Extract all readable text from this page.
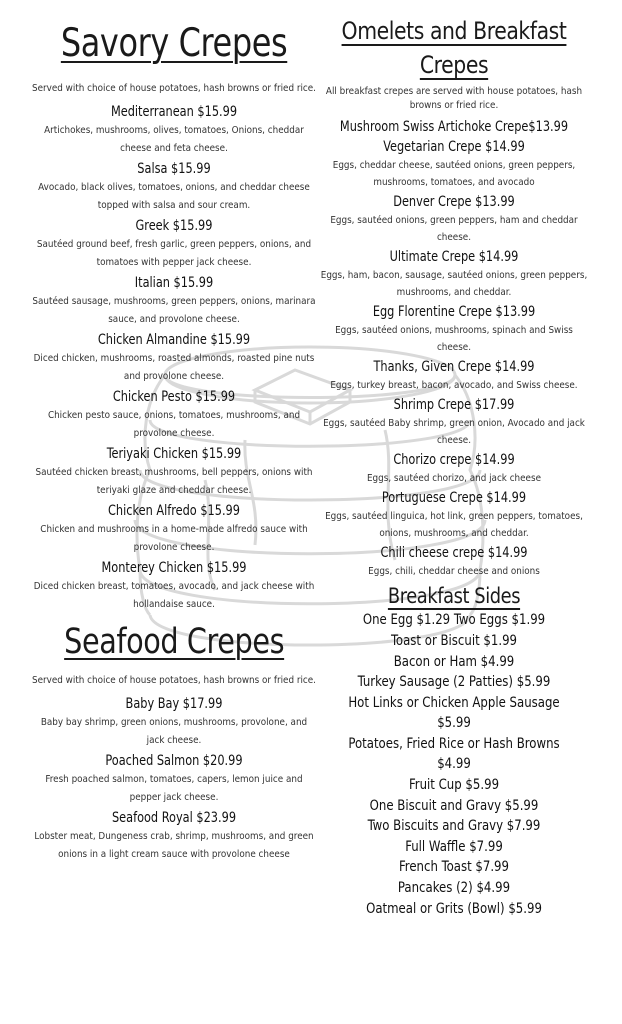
Savory Crepes
Served with choice of house potatoes, hash browns or fried rice.
Mediterranean $15.99
Artichokes, mushrooms, olives, tomatoes, Onions, cheddar cheese and feta cheese.
Salsa $15.99
Avocado, black olives, tomatoes, onions, and cheddar cheese topped with salsa and sour cream.
Greek $15.99
Sautéed ground beef, fresh garlic, green peppers, onions, and tomatoes with pepper jack cheese.
Italian $15.99
Sautéed sausage, mushrooms, green peppers, onions, marinara sauce, and provolone cheese.
Chicken Almandine $15.99
Diced chicken, mushrooms, roasted almonds, roasted pine nuts and provolone cheese.
Chicken Pesto $15.99
Chicken pesto sauce, onions, tomatoes, mushrooms, and provolone cheese.
Teriyaki Chicken $15.99
Sautéed chicken breast, mushrooms, bell peppers, onions with teriyaki glaze and cheddar cheese.
Chicken Alfredo $15.99
Chicken and mushrooms in a home-made alfredo sauce with provolone cheese.
Monterey Chicken $15.99
Diced chicken breast, tomatoes, avocado, and jack cheese with hollandaise sauce.
Seafood Crepes
Served with choice of house potatoes, hash browns or fried rice.
Baby Bay $17.99
Baby bay shrimp, green onions, mushrooms, provolone, and jack cheese.
Poached Salmon $20.99
Fresh poached salmon, tomatoes, capers, lemon juice and pepper jack cheese.
Seafood Royal $23.99
Lobster meat, Dungeness crab, shrimp, mushrooms, and green onions in a light cream sauce with provolone cheese
Omelets and Breakfast
Crepes
All breakfast crepes are served with house potatoes, hash browns or fried rice.
Mushroom Swiss Artichoke Crepe$13.99
Vegetarian Crepe $14.99
Eggs, cheddar cheese, sautéed onions, green peppers, mushrooms, tomatoes, and avocado
Denver Crepe $13.99
Eggs, sautéed onions, green peppers, ham and cheddar cheese.
Ultimate Crepe $14.99
Eggs, ham, bacon, sausage, sautéed onions, green peppers, mushrooms, and cheddar.
Egg Florentine Crepe $13.99
Eggs, sautéed onions, mushrooms, spinach and Swiss cheese.
Thanks, Given Crepe $14.99
Eggs, turkey breast, bacon, avocado, and Swiss cheese.
Shrimp Crepe $17.99
Eggs, sautéed Baby shrimp, green onion, Avocado and jack cheese.
Chorizo crepe $14.99
Eggs, sautéed chorizo, and jack cheese
Portuguese Crepe $14.99
Eggs, sautéed linguica, hot link, green peppers, tomatoes, onions, mushrooms, and cheddar.
Chili cheese crepe $14.99
Eggs, chili, cheddar cheese and onions
Breakfast Sides
One Egg $1.29 Two Eggs $1.99
Toast or Biscuit $1.99
Bacon or Ham $4.99
Turkey Sausage (2 Patties) $5.99
Hot Links or Chicken Apple Sausage $5.99
Potatoes, Fried Rice or Hash Browns $4.99
Fruit Cup $5.99
One Biscuit and Gravy $5.99
Two Biscuits and Gravy $7.99
Full Waffle $7.99
French Toast $7.99
Pancakes (2) $4.99
Oatmeal or Grits (Bowl) $5.99
